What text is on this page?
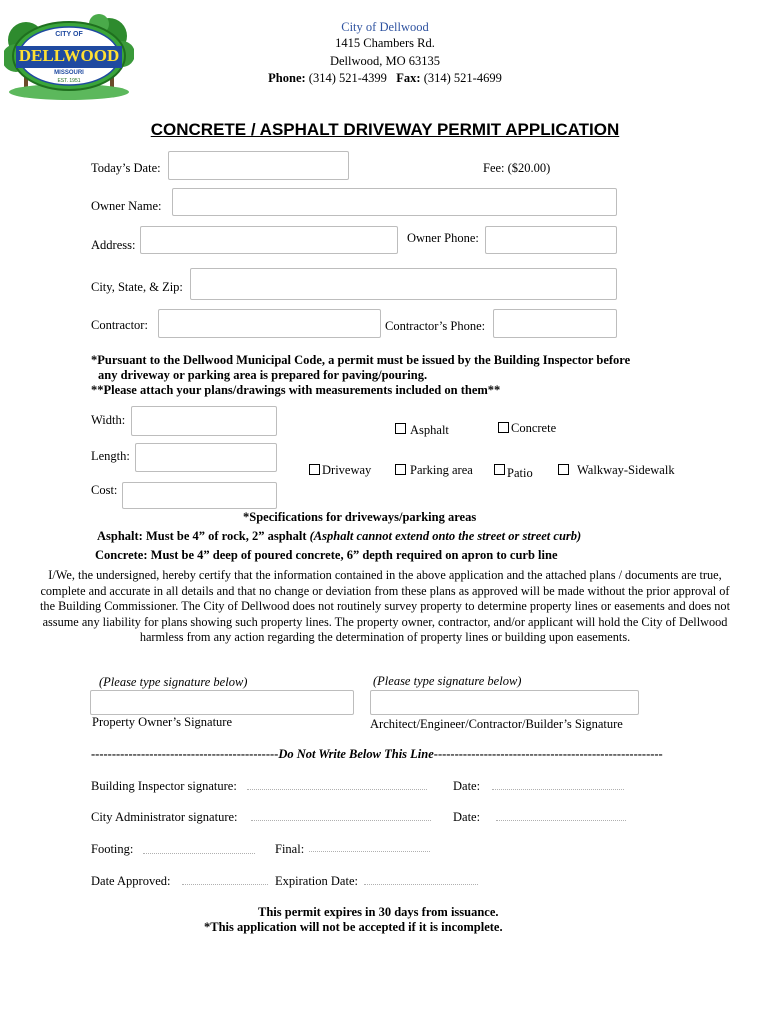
CITY OF
DELLWOOD
MISSOURI
EST. 1951
City of Dellwood
1415 Chambers Rd.
Dellwood, MO 63135
Phone: (314) 521-4399 Fax: (314) 521-4699
CONCRETE / ASPHALT DRIVEWAY PERMIT APPLICATION
Today’s Date:	Fee: ($20.00)
Owner Name:
Address:	Owner Phone:
City, State, & Zip:
Contractor:	Contractor’s Phone:
*Pursuant to the Dellwood Municipal Code, a permit must be issued by the Building Inspector before
any driveway or parking area is prepared for paving/pouring.
**Please attach your plans/drawings with measurements included on them**
Width:
Length:
Cost:
Asphalt	Concrete
Driveway	Parking area	Patio	Walkway-Sidewalk
*Specifications for driveways/parking areas
Asphalt: Must be 4” of rock, 2” asphalt (Asphalt cannot extend onto the street or street curb)
Concrete: Must be 4” deep of poured concrete, 6” depth required on apron to curb line
I/We, the undersigned, hereby certify that the information contained in the above application and the attached plans / documents are true, complete and accurate in all details and that no change or deviation from these plans as approved will be made without the prior approval of the Building Commissioner. The City of Dellwood does not routinely survey property to determine property lines or easements and does not assume any liability for plans showing such property lines. The property owner, contractor, and/or applicant will hold the City of Dellwood harmless from any action regarding the determination of property lines or building upon easements.
(Please type signature below)	(Please type signature below)
Property Owner’s Signature	Architect/Engineer/Contractor/Builder’s Signature
---------------------------------------------Do Not Write Below This Line-------------------------------------------------------
Building Inspector signature:	Date:
City Administrator signature:	Date:
Footing:	Final:
Date Approved:	Expiration Date:
This permit expires in 30 days from issuance.
*This application will not be accepted if it is incomplete.
